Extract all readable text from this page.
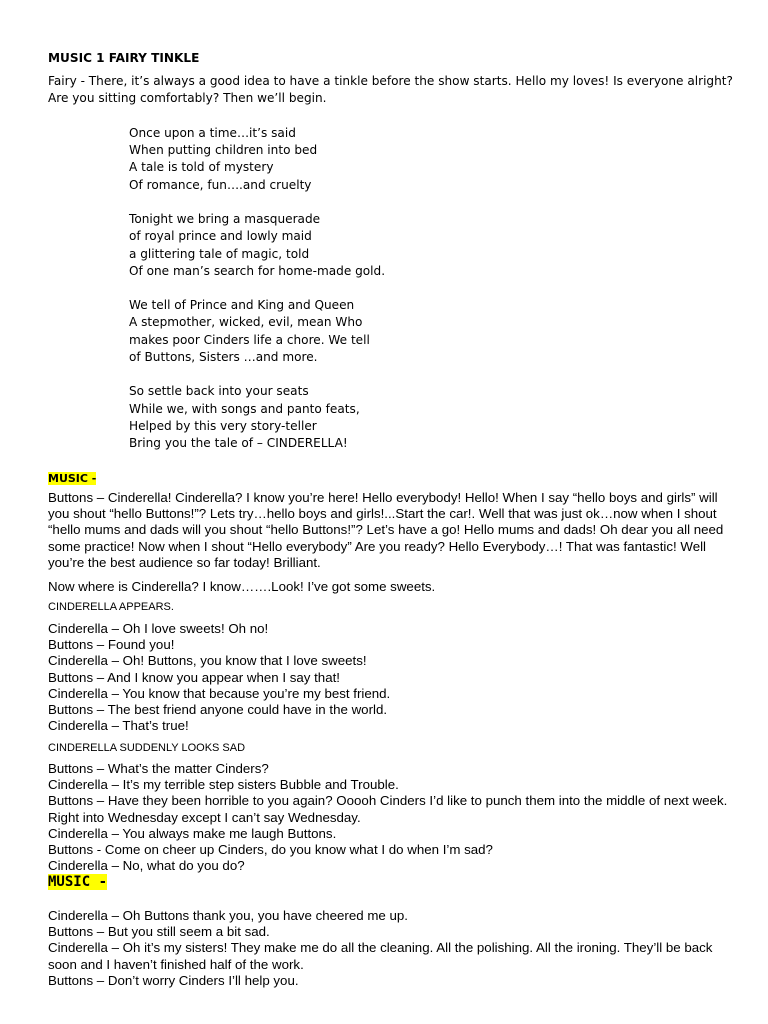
MUSIC 1 FAIRY TINKLE
Fairy - There, it’s always a good idea to have a tinkle before the show starts. Hello my loves! Is everyone alright? Are you sitting comfortably? Then we’ll begin.
Once upon a time…it’s said
When putting children into bed
A tale is told of mystery
Of romance, fun….and cruelty
Tonight we bring a masquerade
of royal prince and lowly maid
a glittering tale of magic, told
Of one man’s search for home-made gold.
We tell of Prince and King and Queen
A stepmother, wicked, evil, mean Who
makes poor Cinders life a chore. We tell
of Buttons, Sisters …and more.
So settle back into your seats
While we, with songs and panto feats,
Helped by this very story-teller
Bring you the tale of – CINDERELLA!
MUSIC -
Buttons – Cinderella! Cinderella? I know you’re here! Hello everybody! Hello! When I say “hello boys and girls” will you shout “hello Buttons!”? Lets try…hello boys and girls!...Start the car!. Well that was just ok…now when I shout “hello mums and dads will you shout “hello Buttons!”? Let’s have a go! Hello mums and dads! Oh dear you all need some practice! Now when I shout “Hello everybody” Are you ready? Hello Everybody…! That was fantastic! Well you’re the best audience so far today! Brilliant.
Now where is Cinderella? I know…….Look! I’ve got some sweets.
CINDERELLA APPEARS.
Cinderella – Oh I love sweets! Oh no!
Buttons – Found you!
Cinderella – Oh! Buttons, you know that I love sweets!
Buttons – And I know you appear when I say that!
Cinderella – You know that because you’re my best friend.
Buttons – The best friend anyone could have in the world.
Cinderella – That’s true!
CINDERELLA SUDDENLY LOOKS SAD
Buttons – What’s the matter Cinders?
Cinderella – It’s my terrible step sisters Bubble and Trouble.
Buttons – Have they been horrible to you again? Ooooh Cinders I’d like to punch them into the middle of next week. Right into Wednesday except I can’t say Wednesday.
Cinderella – You always make me laugh Buttons.
Buttons - Come on cheer up Cinders, do you know what I do when I’m sad?
Cinderella – No, what do you do?
MUSIC -
Cinderella – Oh Buttons thank you, you have cheered me up.
Buttons – But you still seem a bit sad.
Cinderella – Oh it’s my sisters! They make me do all the cleaning. All the polishing. All the ironing. They’ll be back soon and I haven’t finished half of the work.
Buttons – Don’t worry Cinders I’ll help you.
